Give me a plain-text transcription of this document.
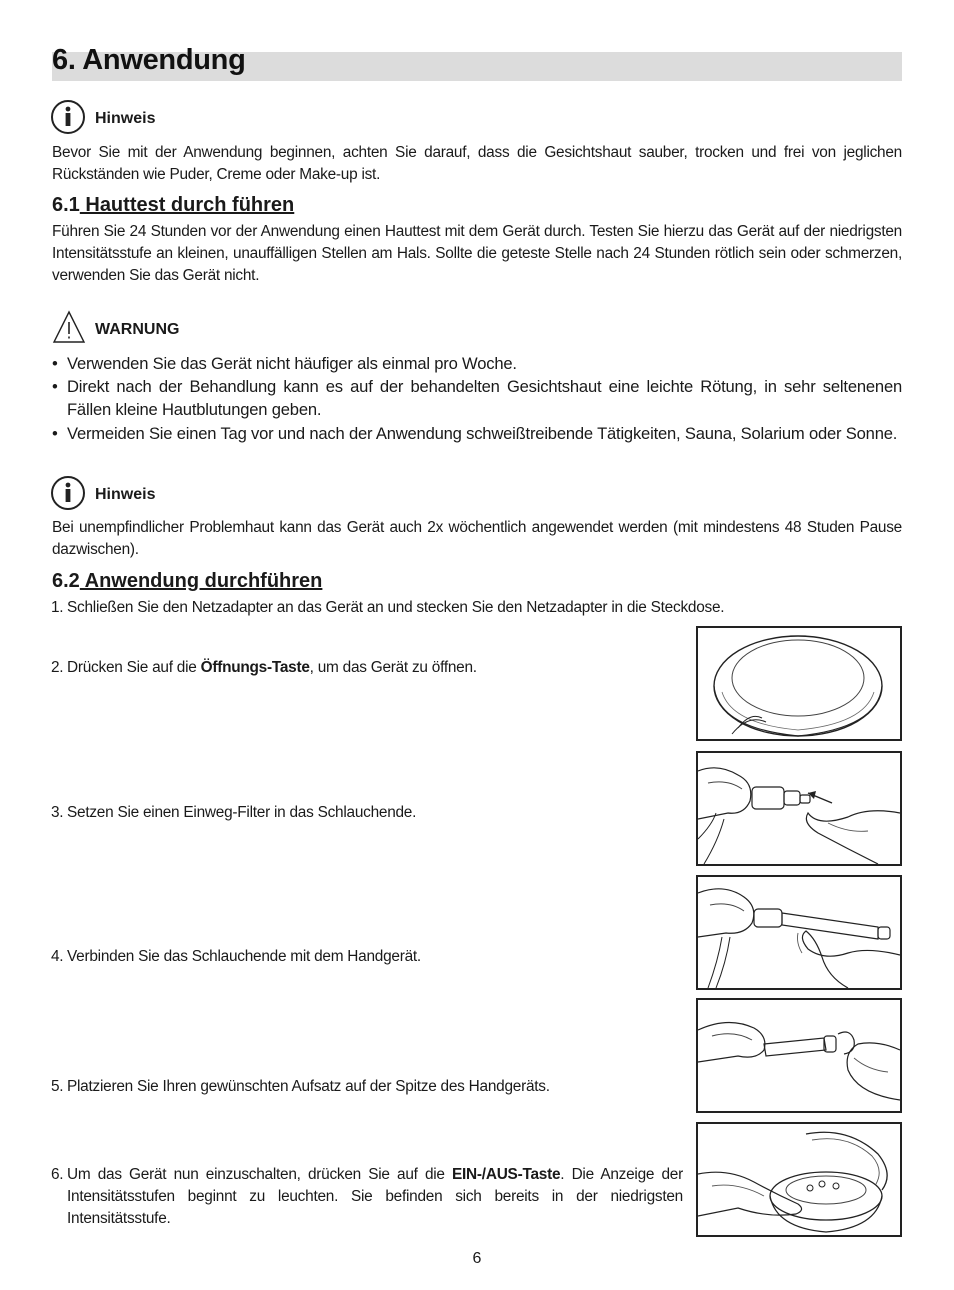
6. Anwendung
Hinweis
Bevor Sie mit der Anwendung beginnen, achten Sie darauf, dass die Gesichtshaut sauber, trocken und frei von jeglichen Rückständen wie Puder, Creme oder Make-up ist.
6.1 Hauttest durch führen
Führen Sie 24 Stunden vor der Anwendung einen Hauttest mit dem Gerät durch. Testen Sie hierzu das Gerät auf der niedrigsten Intensitätsstufe an kleinen, unauffälligen Stellen am Hals. Sollte die geteste Stelle nach 24 Stunden rötlich sein oder schmerzen, verwenden Sie das Gerät nicht.
WARNUNG
• Verwenden Sie das Gerät nicht häufiger als einmal pro Woche.
• Direkt nach der Behandlung kann es auf der behandelten Gesichtshaut eine leichte Rötung, in sehr seltenenen Fällen kleine Hautblutungen geben.
• Vermeiden Sie einen Tag vor und nach der Anwendung schweißtreibende Tätigkeiten, Sauna, Solarium oder Sonne.
Hinweis
Bei unempfindlicher Problemhaut kann das Gerät auch 2x wöchentlich angewendet werden (mit mindestens 48 Studen Pause dazwischen).
6.2 Anwendung durchführen
1. Schließen Sie den Netzadapter an das Gerät an und stecken Sie den Netzadapter in die Steckdose.
2. Drücken Sie auf die Öffnungs-Taste, um das Gerät zu öffnen.
3. Setzen Sie einen Einweg-Filter in das Schlauchende.
4. Verbinden Sie das Schlauchende mit dem Handgerät.
5. Platzieren Sie Ihren gewünschten Aufsatz auf der Spitze des Handgeräts.
6. Um das Gerät nun einzuschalten, drücken Sie auf die EIN-/AUS-Taste. Die Anzeige der Intensitätsstufen beginnt zu leuchten. Sie befinden sich bereits in der niedrigsten Intensitätsstufe.
6
